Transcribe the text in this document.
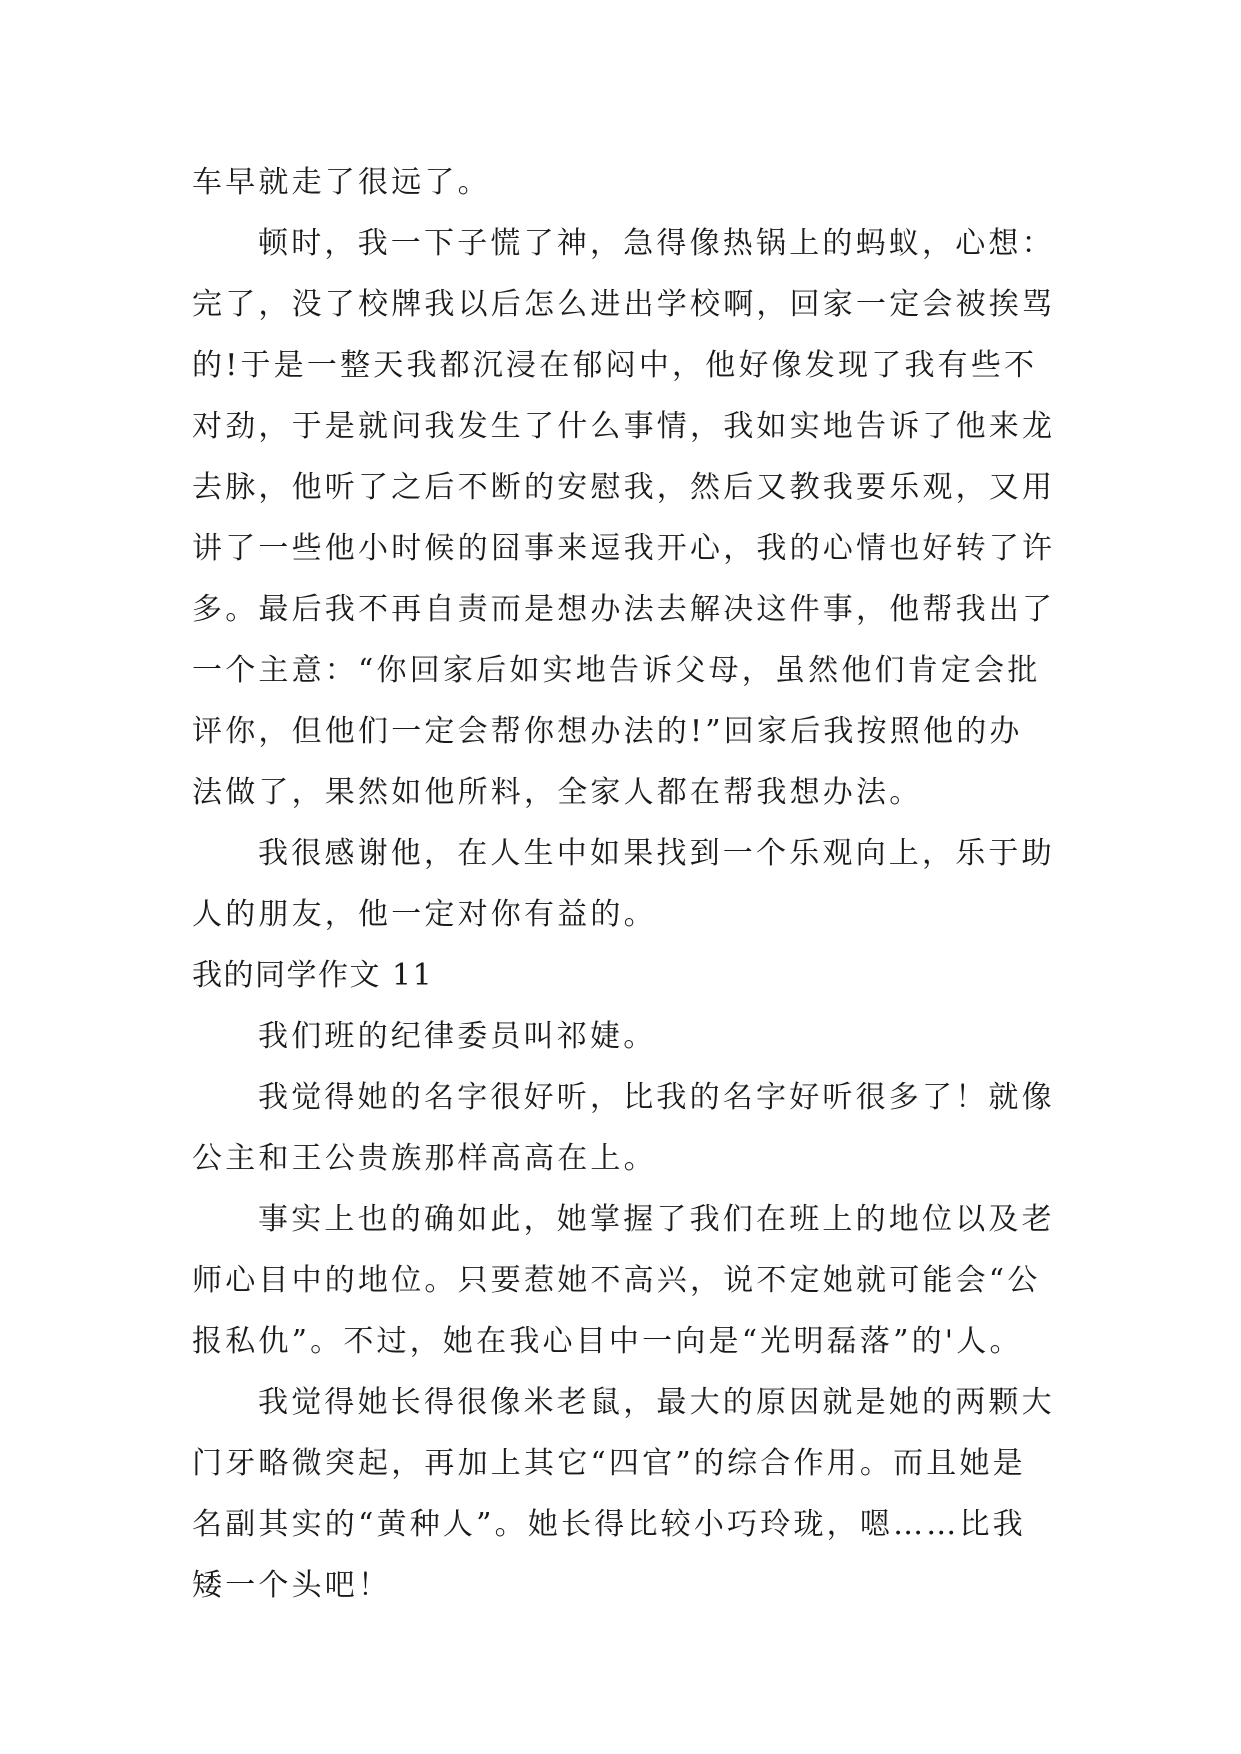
车早就走了很远了。
顿时，我一下子慌了神，急得像热锅上的蚂蚁，心想：
完了，没了校牌我以后怎么进出学校啊，回家一定会被挨骂
的!于是一整天我都沉浸在郁闷中，他好像发现了我有些不
对劲，于是就问我发生了什么事情，我如实地告诉了他来龙
去脉，他听了之后不断的安慰我，然后又教我要乐观，又用
讲了一些他小时候的囧事来逗我开心，我的心情也好转了许
多。最后我不再自责而是想办法去解决这件事，他帮我出了
一个主意：“你回家后如实地告诉父母，虽然他们肯定会批
评你，但他们一定会帮你想办法的!”回家后我按照他的办
法做了，果然如他所料，全家人都在帮我想办法。
我很感谢他，在人生中如果找到一个乐观向上，乐于助
人的朋友，他一定对你有益的。
我的同学作文 11
我们班的纪律委员叫祁婕。
我觉得她的名字很好听，比我的名字好听很多了！就像
公主和王公贵族那样高高在上。
事实上也的确如此，她掌握了我们在班上的地位以及老
师心目中的地位。只要惹她不高兴，说不定她就可能会“公
报私仇”。不过，她在我心目中一向是“光明磊落”的'人。
我觉得她长得很像米老鼠，最大的原因就是她的两颗大
门牙略微突起，再加上其它“四官”的综合作用。而且她是
名副其实的“黄种人”。她长得比较小巧玲珑，嗯……比我
矮一个头吧！
